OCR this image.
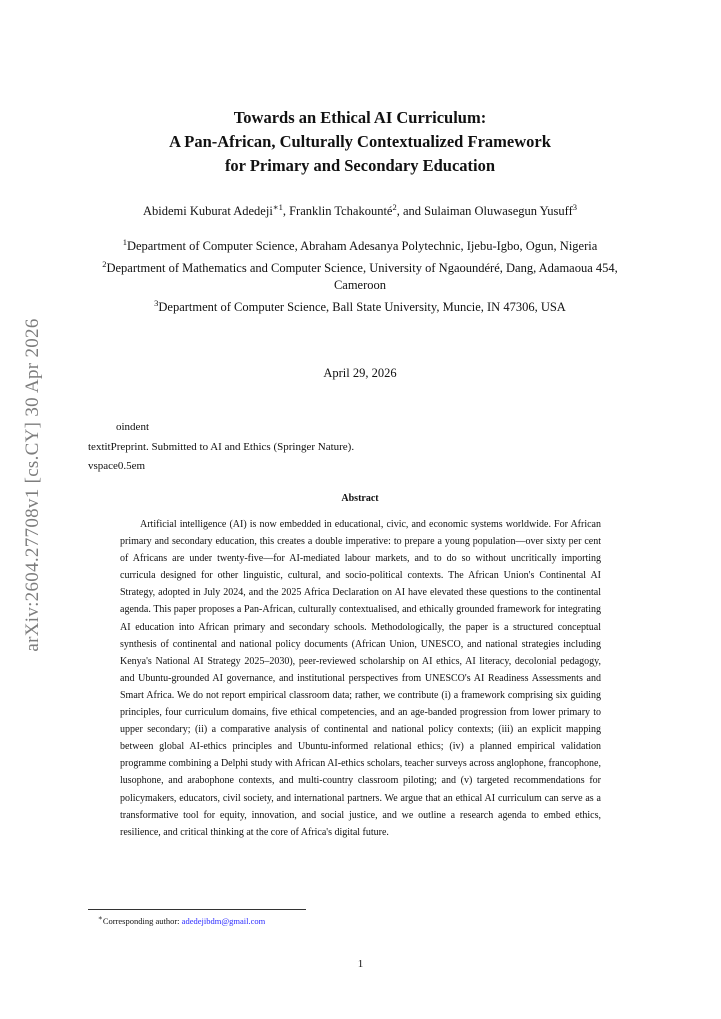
arXiv:2604.27708v1 [cs.CY] 30 Apr 2026
Towards an Ethical AI Curriculum:
A Pan-African, Culturally Contextualized Framework
for Primary and Secondary Education
Abidemi Kuburat Adedeji$^{∗1}$, Franklin Tchakounté$^2$, and Sulaiman Oluwasegun Yusuff$^3$
$^1$Department of Computer Science, Abraham Adesanya Polytechnic, Ijebu-Igbo, Ogun, Nigeria
$^2$Department of Mathematics and Computer Science, University of Ngaoundéré, Dang, Adamaoua 454, Cameroon
$^3$Department of Computer Science, Ball State University, Muncie, IN 47306, USA
April 29, 2026
oindent
textitPreprint. Submitted to AI and Ethics (Springer Nature).
vspace0.5em
Abstract

Artificial intelligence (AI) is now embedded in educational, civic, and economic systems worldwide. For African primary and secondary education, this creates a double imperative: to prepare a young population—over sixty per cent of Africans are under twenty-five—for AI-mediated labour markets, and to do so without uncritically importing curricula designed for other linguistic, cultural, and socio-political contexts. The African Union's Continental AI Strategy, adopted in July 2024, and the 2025 Africa Declaration on AI have elevated these questions to the continental agenda. This paper proposes a Pan-African, culturally contextualised, and ethically grounded framework for integrating AI education into African primary and secondary schools. Methodologically, the paper is a structured conceptual synthesis of continental and national policy documents (African Union, UNESCO, and national strategies including Kenya's National AI Strategy 2025–2030), peer-reviewed scholarship on AI ethics, AI literacy, decolonial pedagogy, and Ubuntu-grounded AI governance, and institutional perspectives from UNESCO's AI Readiness Assessments and Smart Africa. We do not report empirical classroom data; rather, we contribute (i) a framework comprising six guiding principles, four curriculum domains, five ethical competencies, and an age-banded progression from lower primary to upper secondary; (ii) a comparative analysis of continental and national policy contexts; (iii) an explicit mapping between global AI-ethics principles and Ubuntu-informed relational ethics; (iv) a planned empirical validation programme combining a Delphi study with African AI-ethics scholars, teacher surveys across anglophone, francophone, lusophone, and arabophone contexts, and multi-country classroom piloting; and (v) targeted recommendations for policymakers, educators, civil society, and international partners. We argue that an ethical AI curriculum can serve as a transformative tool for equity, innovation, and social justice, and we outline a research agenda to embed ethics, resilience, and critical thinking at the core of Africa's digital future.

∗Corresponding author: adedejibdm@gmail.com
1
